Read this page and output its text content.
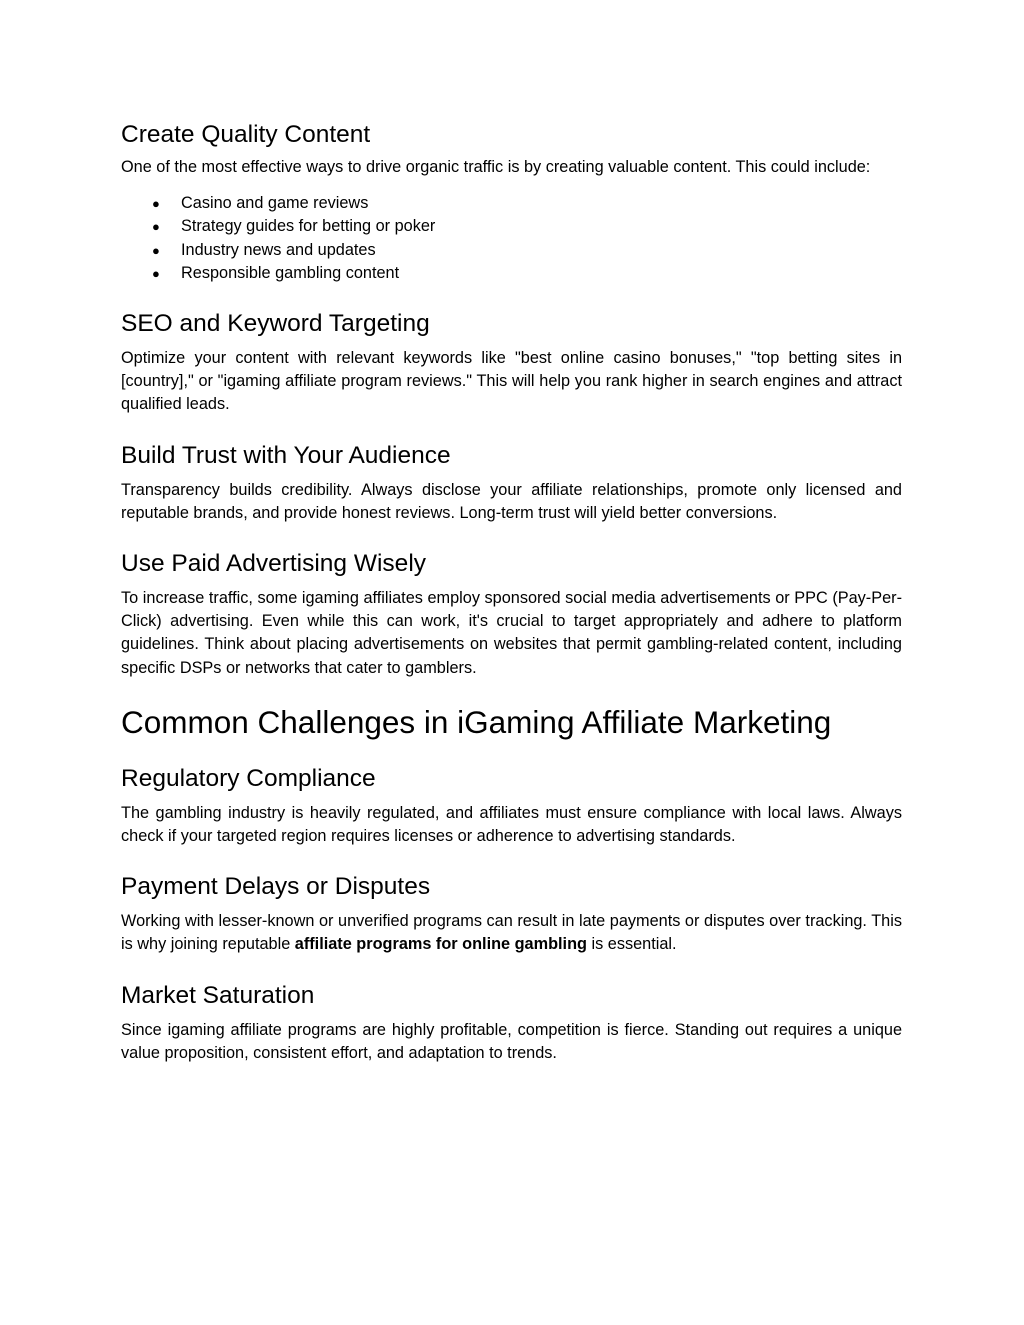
Create Quality Content

One of the most effective ways to drive organic traffic is by creating valuable content. This could include:

● Casino and game reviews
● Strategy guides for betting or poker
● Industry news and updates
● Responsible gambling content
SEO and Keyword Targeting

Optimize your content with relevant keywords like "best online casino bonuses," "top betting sites in [country]," or "igaming affiliate program reviews." This will help you rank higher in search engines and attract qualified leads.

Build Trust with Your Audience

Transparency builds credibility. Always disclose your affiliate relationships, promote only licensed and reputable brands, and provide honest reviews. Long-term trust will yield better conversions.

Use Paid Advertising Wisely

To increase traffic, some igaming affiliates employ sponsored social media advertisements or PPC (Pay-Per-Click) advertising. Even while this can work, it's crucial to target appropriately and adhere to platform guidelines. Think about placing advertisements on websites that permit gambling-related content, including specific DSPs or networks that cater to gamblers.

Common Challenges in iGaming Affiliate Marketing
Regulatory Compliance

The gambling industry is heavily regulated, and affiliates must ensure compliance with local laws. Always check if your targeted region requires licenses or adherence to advertising standards.

Payment Delays or Disputes

Working with lesser-known or unverified programs can result in late payments or disputes over tracking. This is why joining reputable affiliate programs for online gambling is essential.

Market Saturation

Since igaming affiliate programs are highly profitable, competition is fierce. Standing out requires a unique value proposition, consistent effort, and adaptation to trends.
